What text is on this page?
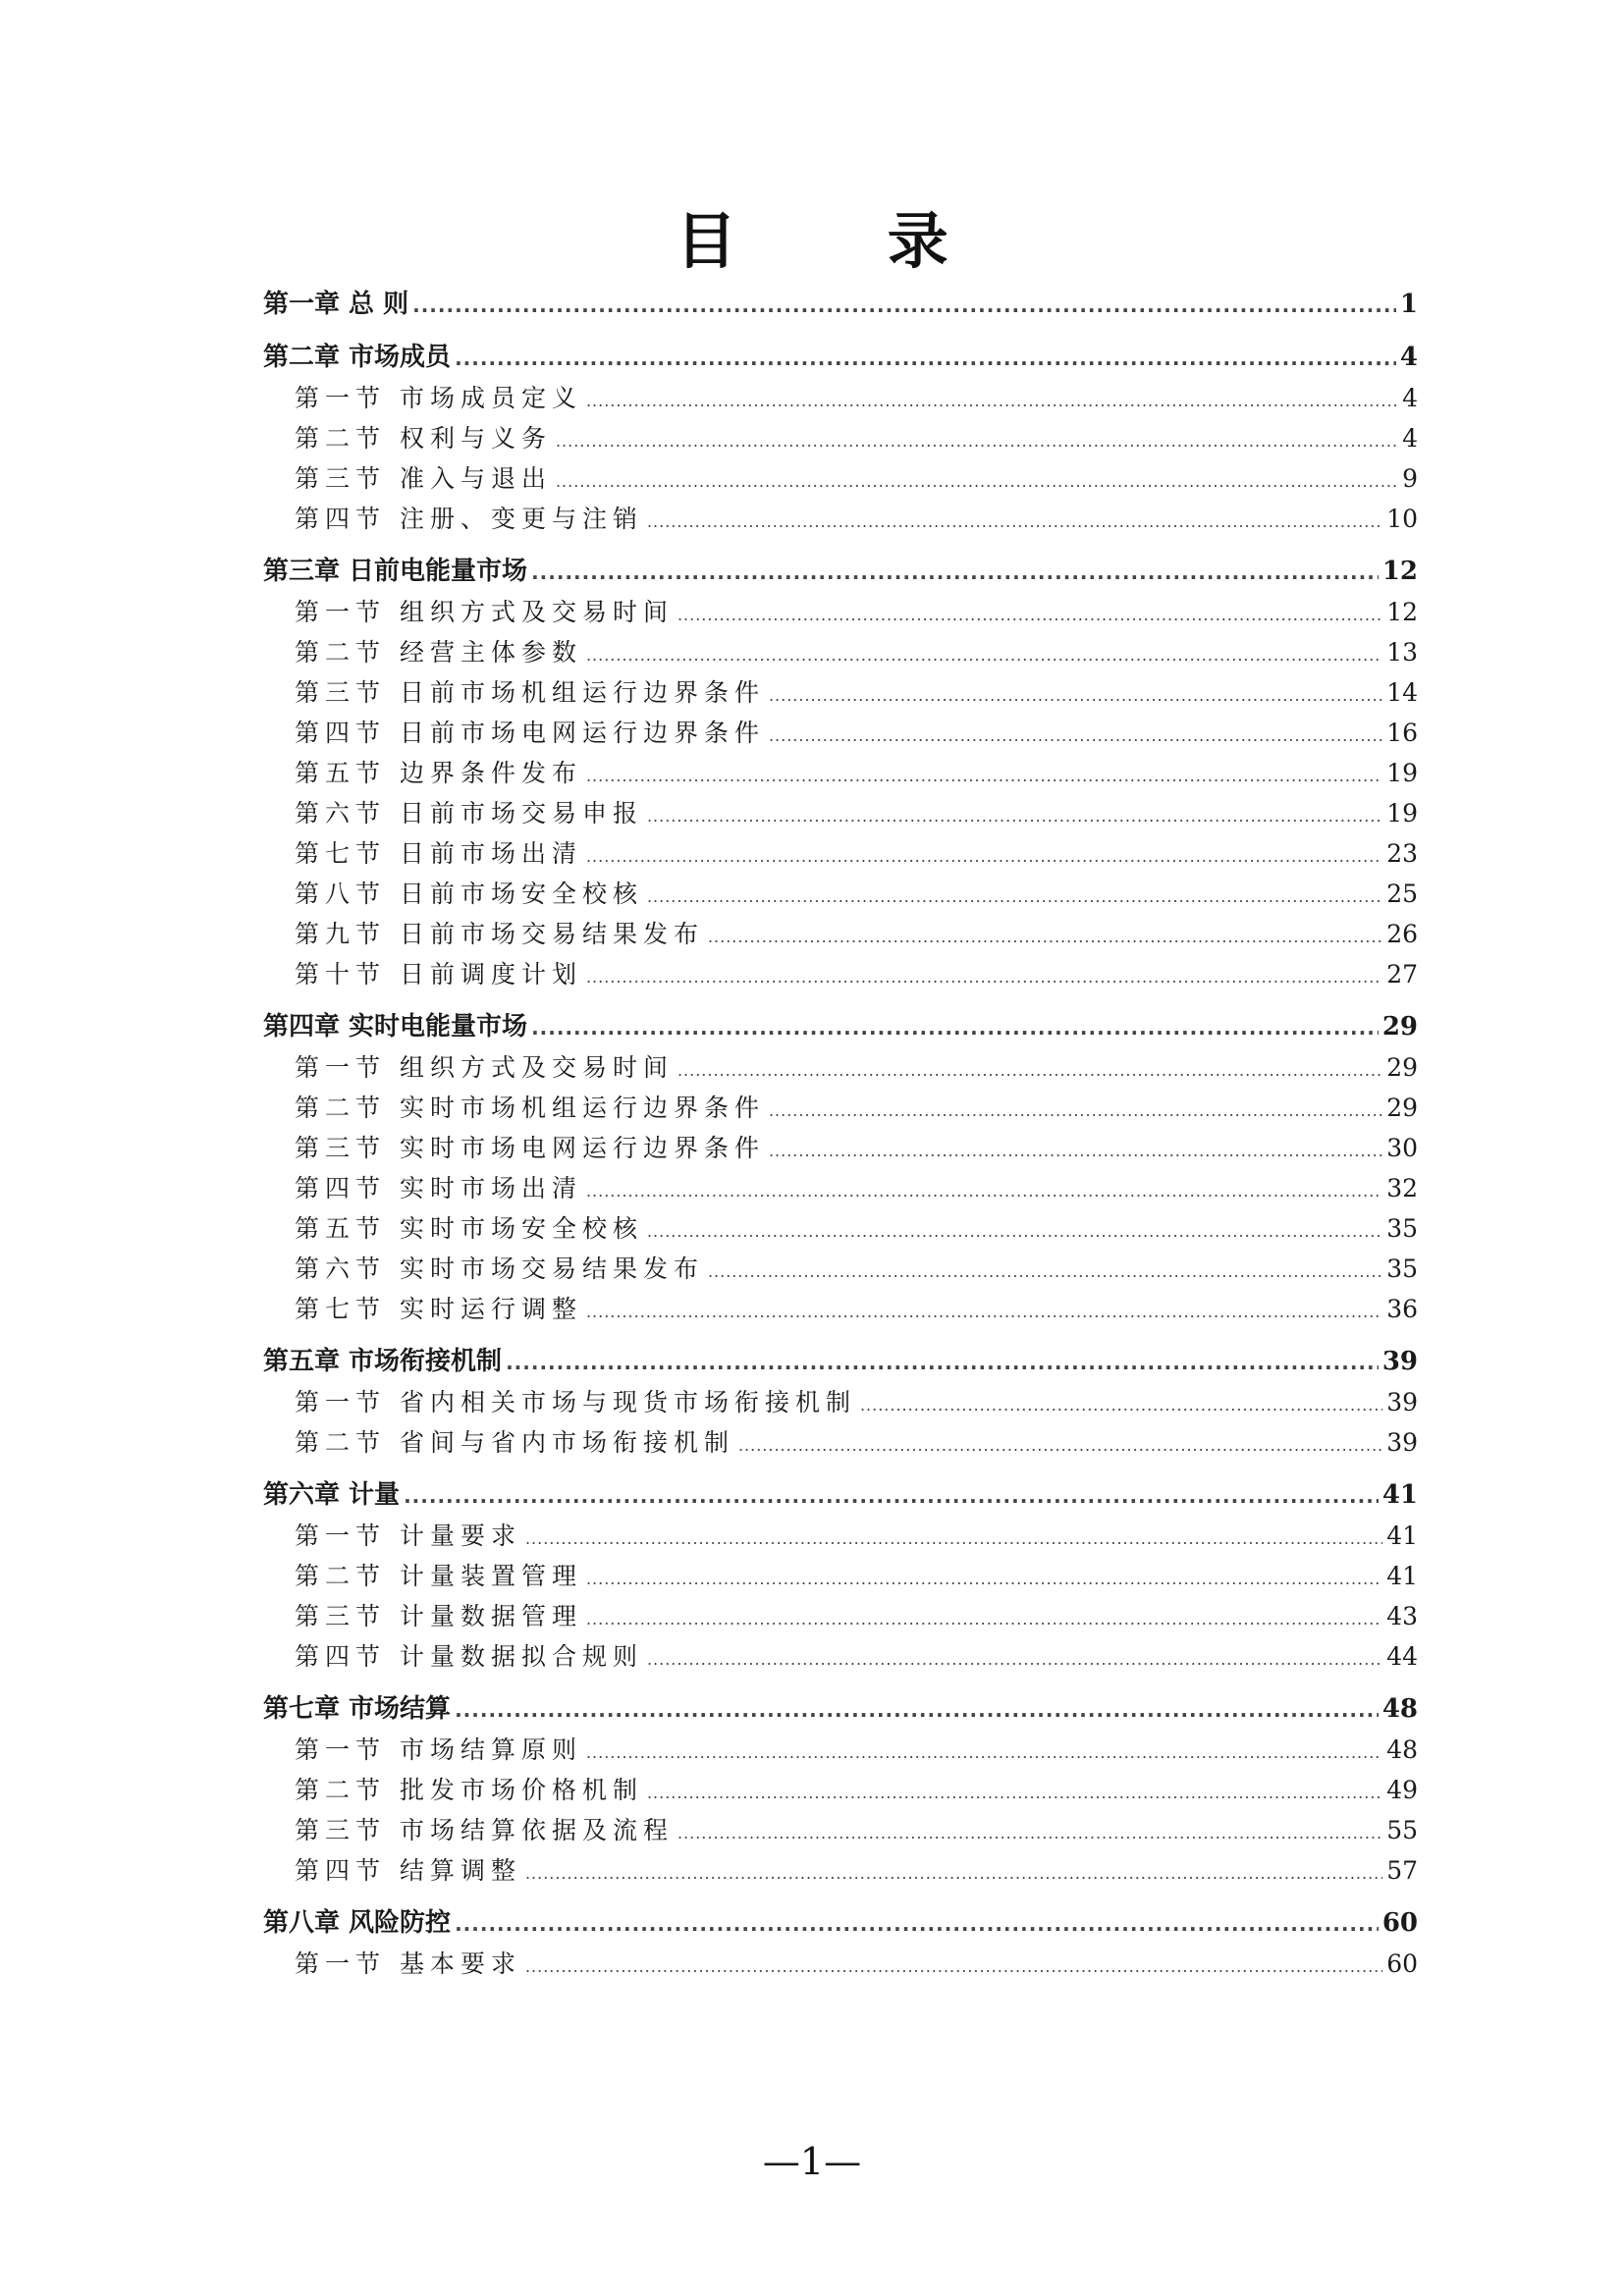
目 录
第一章 总 则 .....	1
第二章 市场成员 .....	4
第一节 市场成员定义 .....	4
第二节 权利与义务 .....	4
第三节 准入与退出 .....	9
第四节 注册、变更与注销 .....	10
第三章 日前电能量市场 .....	12
第一节 组织方式及交易时间 .....	12
第二节 经营主体参数 .....	13
第三节 日前市场机组运行边界条件 .....	14
第四节 日前市场电网运行边界条件 .....	16
第五节 边界条件发布 .....	19
第六节 日前市场交易申报 .....	19
第七节 日前市场出清 .....	23
第八节 日前市场安全校核 .....	25
第九节 日前市场交易结果发布 .....	26
第十节 日前调度计划 .....	27
第四章 实时电能量市场 .....	29
第一节 组织方式及交易时间 .....	29
第二节 实时市场机组运行边界条件 .....	29
第三节 实时市场电网运行边界条件 .....	30
第四节 实时市场出清 .....	32
第五节 实时市场安全校核 .....	35
第六节 实时市场交易结果发布 .....	35
第七节 实时运行调整 .....	36
第五章 市场衔接机制 .....	39
第一节 省内相关市场与现货市场衔接机制 .....	39
第二节 省间与省内市场衔接机制 .....	39
第六章 计量 .....	41
第一节 计量要求 .....	41
第二节 计量装置管理 .....	41
第三节 计量数据管理 .....	43
第四节 计量数据拟合规则 .....	44
第七章 市场结算 .....	48
第一节 市场结算原则 .....	48
第二节 批发市场价格机制 .....	49
第三节 市场结算依据及流程 .....	55
第四节 结算调整 .....	57
第八章 风险防控 .....	60
第一节 基本要求 .....	60
—1—
